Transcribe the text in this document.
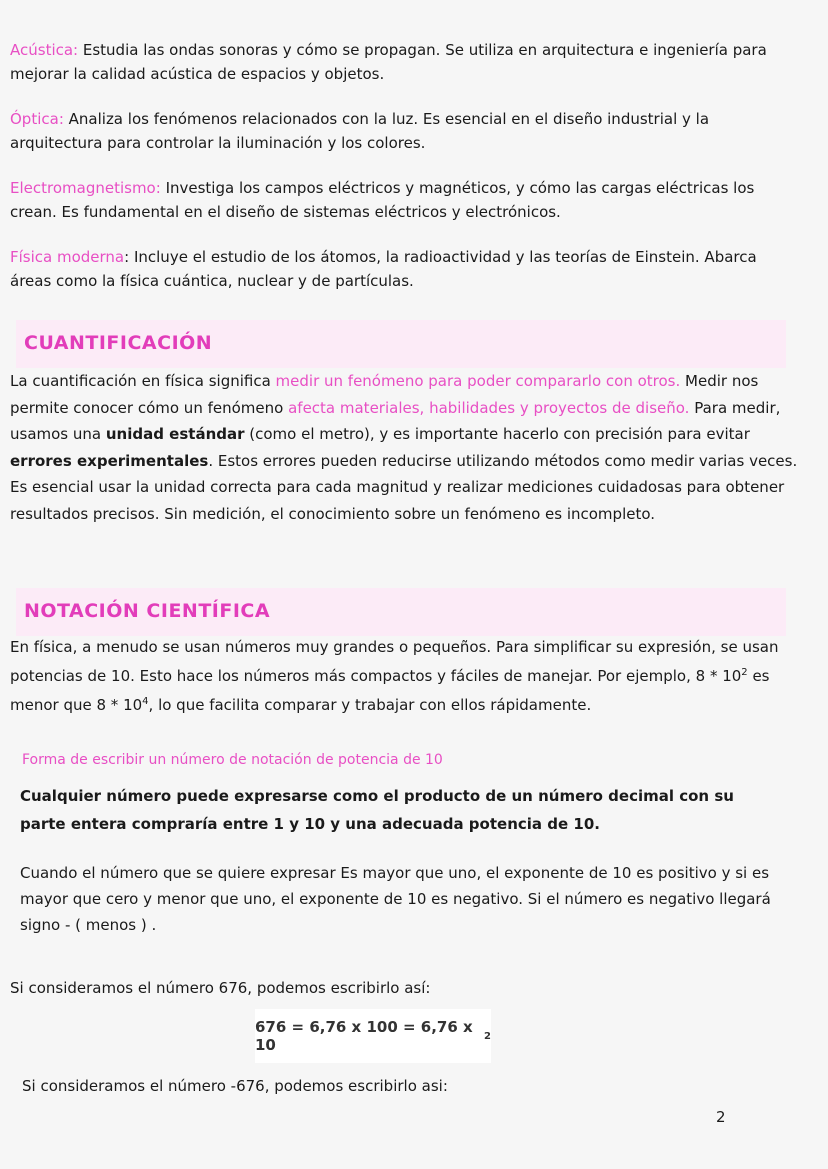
Acústica: Estudia las ondas sonoras y cómo se propagan. Se utiliza en arquitectura e ingeniería para mejorar la calidad acústica de espacios y objetos.

Óptica: Analiza los fenómenos relacionados con la luz. Es esencial en el diseño industrial y la arquitectura para controlar la iluminación y los colores.

Electromagnetismo: Investiga los campos eléctricos y magnéticos, y cómo las cargas eléctricas los crean. Es fundamental en el diseño de sistemas eléctricos y electrónicos.

Física moderna: Incluye el estudio de los átomos, la radioactividad y las teorías de Einstein. Abarca áreas como la física cuántica, nuclear y de partículas.

CUANTIFICACIÓN

La cuantificación en física significa medir un fenómeno para poder compararlo con otros. Medir nos permite conocer cómo un fenómeno afecta materiales, habilidades y proyectos de diseño. Para medir, usamos una unidad estándar (como el metro), y es importante hacerlo con precisión para evitar errores experimentales. Estos errores pueden reducirse utilizando métodos como medir varias veces. Es esencial usar la unidad correcta para cada magnitud y realizar mediciones cuidadosas para obtener resultados precisos. Sin medición, el conocimiento sobre un fenómeno es incompleto.

NOTACIÓN CIENTÍFICA

En física, a menudo se usan números muy grandes o pequeños. Para simplificar su expresión, se usan potencias de 10. Esto hace los números más compactos y fáciles de manejar. Por ejemplo, $8 * 10^2$ es menor que $8 * 10^4$, lo que facilita comparar y trabajar con ellos rápidamente.

Forma de escribir un número de notación de potencia de 10

Cualquier número puede expresarse como el producto de un número decimal con su parte entera compraría entre 1 y 10 y una adecuada potencia de 10.

Cuando el número que se quiere expresar Es mayor que uno, el exponente de 10 es positivo y si es mayor que cero y menor que uno, el exponente de 10 es negativo. Si el número es negativo llegará signo - ( menos ) .

Si consideramos el número 676, podemos escribirlo así:

676 = 6,76 x 100 = 6,76 x 10	2

Si consideramos el número -676, podemos escribirlo asi:

2
